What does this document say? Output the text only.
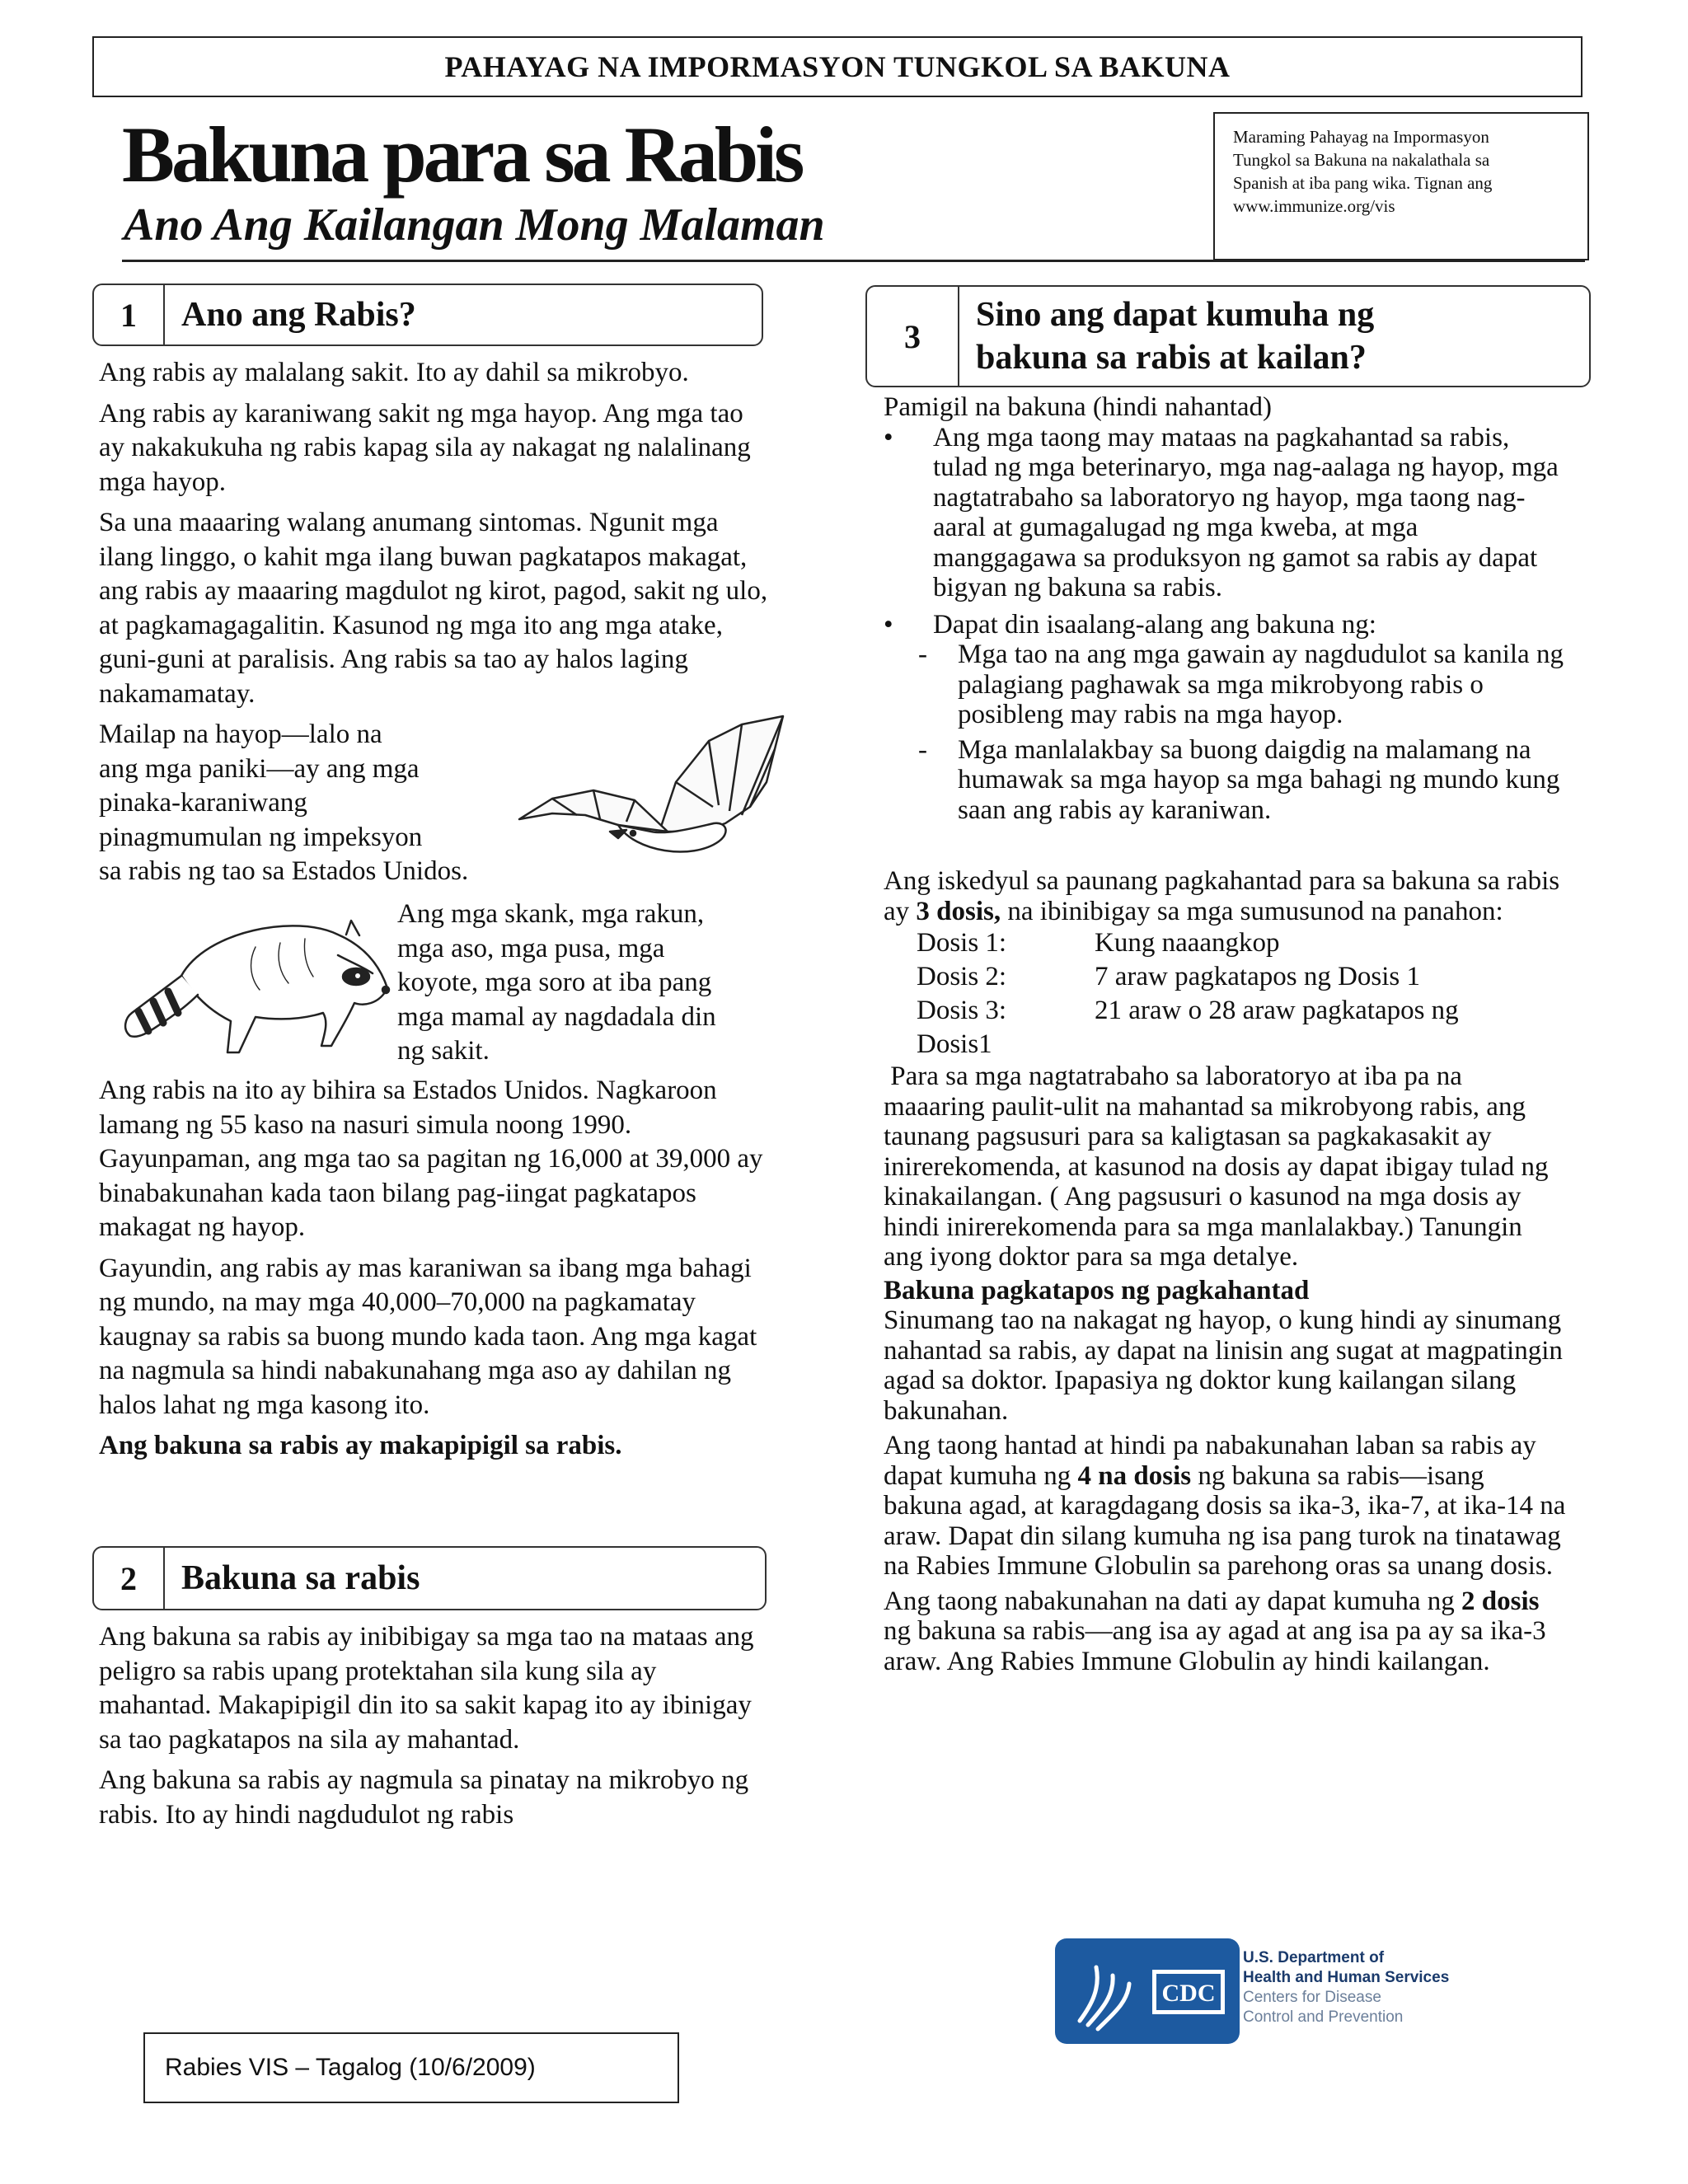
PAHAYAG NA IMPORMASYON TUNGKOL SA BAKUNA
Bakuna para sa Rabis
Ano Ang Kailangan Mong Malaman
Maraming Pahayag na Impormasyon
Tungkol sa Bakuna na nakalathala sa
Spanish at iba pang wika. Tignan ang
www.immunize.org/vis
1	Ano ang Rabis?

Ang rabis ay malalang sakit. Ito ay dahil sa mikrobyo.

Ang rabis ay karaniwang sakit ng mga hayop. Ang mga tao ay nakakukuha ng rabis kapag sila ay nakagat ng nalalinang mga hayop.

Sa una maaaring walang anumang sintomas. Ngunit mga ilang linggo, o kahit mga ilang buwan pagkatapos makagat, ang rabis ay maaaring magdulot ng kirot, pagod, sakit ng ulo, at pagkamagagalitin. Kasunod ng mga ito ang mga atake, guni-guni at paralisis. Ang rabis sa tao ay halos laging nakamamatay.

Mailap na hayop—lalo na
ang mga paniki—ay ang mga
pinaka-karaniwang
pinagmumulan ng impeksyon
sa rabis ng tao sa Estados Unidos.
Ang mga skank, mga rakun,
mga aso, mga pusa, mga
koyote, mga soro at iba pang
mga mamal ay nagdadala din
ng sakit.

Ang rabis na ito ay bihira sa Estados Unidos. Nagkaroon lamang ng 55 kaso na nasuri simula noong 1990. Gayunpaman, ang mga tao sa pagitan ng 16,000 at 39,000 ay binabakunahan kada taon bilang pag-iingat pagkatapos makagat ng hayop.

Gayundin, ang rabis ay mas karaniwan sa ibang mga bahagi ng mundo, na may mga 40,000–70,000 na pagkamatay kaugnay sa rabis sa buong mundo kada taon. Ang mga kagat na nagmula sa hindi nabakunahang mga aso ay dahilan ng halos lahat ng mga kasong ito.

Ang bakuna sa rabis ay makapipigil sa rabis.

2	Bakuna sa rabis

Ang bakuna sa rabis ay inibibigay sa mga tao na mataas ang peligro sa rabis upang protektahan sila kung sila ay mahantad. Makapipigil din ito sa sakit kapag ito ay ibinigay sa tao pagkatapos na sila ay mahantad.

Ang bakuna sa rabis ay nagmula sa pinatay na mikrobyo ng rabis. Ito ay hindi nagdudulot ng rabis

3
Sino ang dapat kumuha ng
bakuna sa rabis at kailan?

Pamigil na bakuna (hindi nahantad)

• Ang mga taong may mataas na pagkahantad sa rabis, tulad ng mga beterinaryo, mga nag-aalaga ng hayop, mga nagtatrabaho sa laboratoryo ng hayop, mga taong nag-aaral at gumagalugad ng mga kweba, at mga manggagawa sa produksyon ng gamot sa rabis ay dapat bigyan ng bakuna sa rabis.
• Dapat din isaalang-alang ang bakuna ng:
- Mga tao na ang mga gawain ay nagdudulot sa kanila ng palagiang paghawak sa mga mikrobyong rabis o posibleng may rabis na mga hayop.
- Mga manlalakbay sa buong daigdig na malamang na humawak sa mga hayop sa mga bahagi ng mundo kung saan ang rabis ay karaniwan.

Ang iskedyul sa paunang pagkahantad para sa bakuna sa rabis ay 3 dosis, na ibinibigay sa mga sumusunod na panahon:

Dosis 1:	Kung naaangkop
Dosis 2:	7 araw pagkatapos ng Dosis 1
Dosis 3:	21 araw o 28 araw pagkatapos ng
Dosis1

Para sa mga nagtatrabaho sa laboratoryo at iba pa na maaaring paulit-ulit na mahantad sa mikrobyong rabis, ang taunang pagsusuri para sa kaligtasan sa pagkakasakit ay inirerekomenda, at kasunod na dosis ay dapat ibigay tulad ng kinakailangan. ( Ang pagsusuri o kasunod na mga dosis ay hindi inirerekomenda para sa mga manlalakbay.) Tanungin ang iyong doktor para sa mga detalye.

Bakuna pagkatapos ng pagkahantad

Sinumang tao na nakagat ng hayop, o kung hindi ay sinumang nahantad sa rabis, ay dapat na linisin ang sugat at magpatingin agad sa doktor. Ipapasiya ng doktor kung kailangan silang bakunahan.

Ang taong hantad at hindi pa nabakunahan laban sa rabis ay dapat kumuha ng 4 na dosis ng bakuna sa rabis—isang bakuna agad, at karagdagang dosis sa ika-3, ika-7, at ika-14 na araw. Dapat din silang kumuha ng isa pang turok na tinatawag na Rabies Immune Globulin sa parehong oras sa unang dosis.

Ang taong nabakunahan na dati ay dapat kumuha ng 2 dosis ng bakuna sa rabis—ang isa ay agad at ang isa pa ay sa ika-3 araw. Ang Rabies Immune Globulin ay hindi kailangan.

CDC
U.S. Department of
Health and Human Services
Centers for Disease
Control and Prevention
Rabies VIS – Tagalog (10/6/2009)
